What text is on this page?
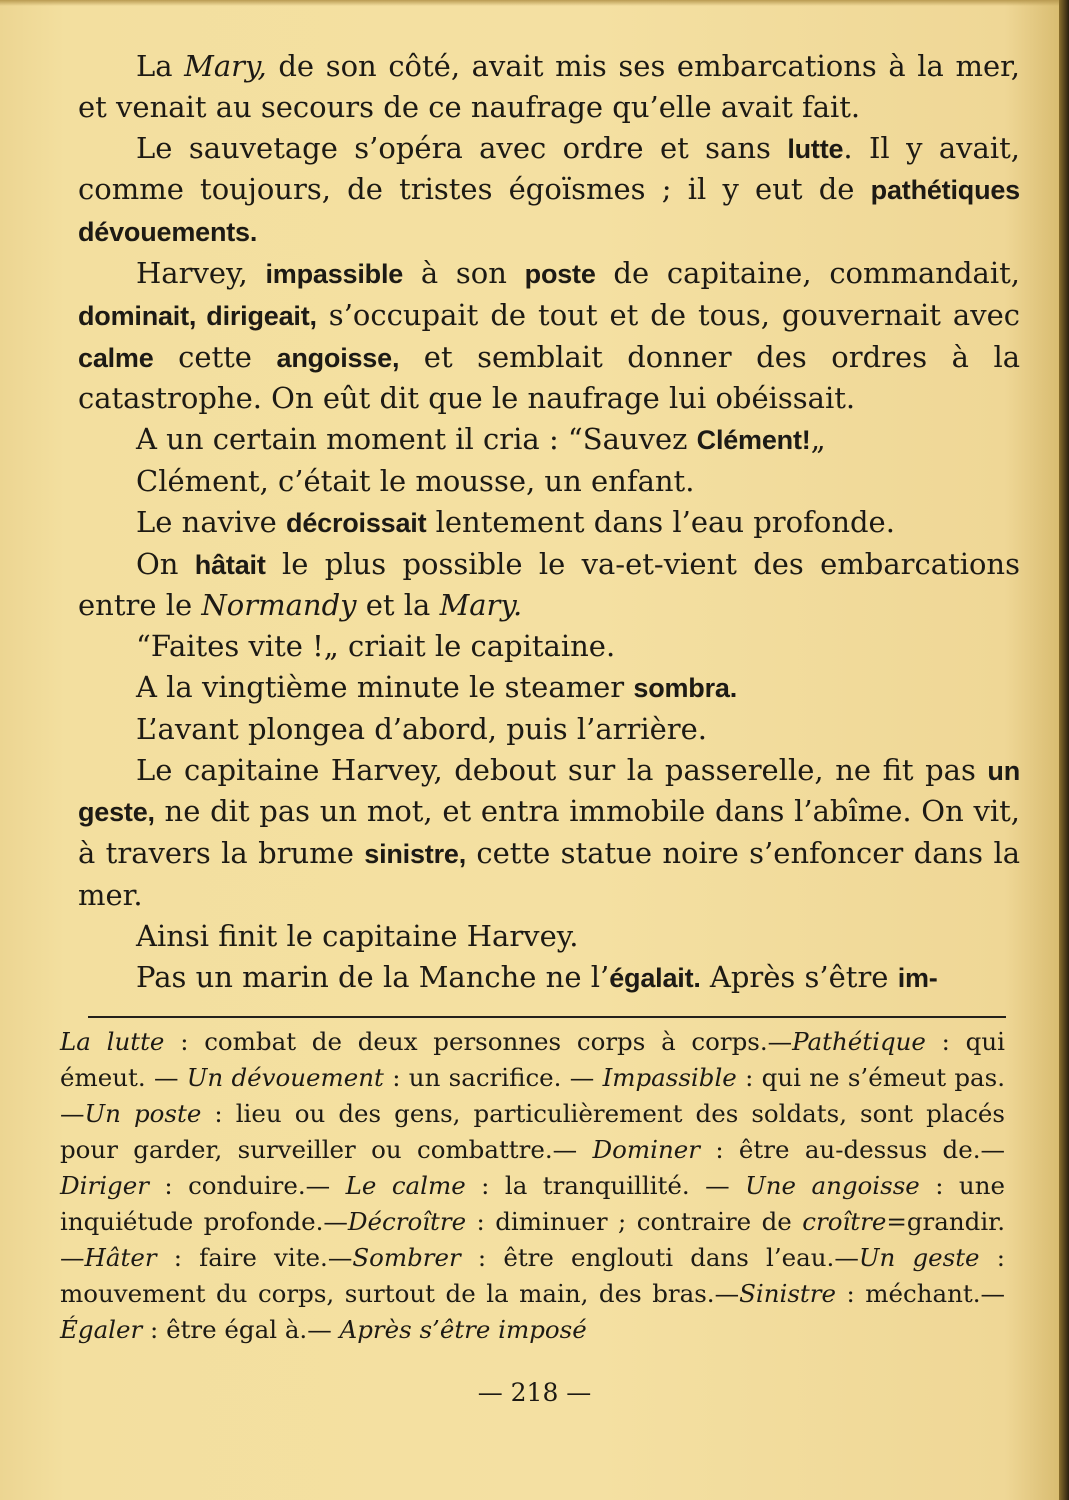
La Mary, de son côté, avait mis ses embarcations à la mer, et venait au secours de ce naufrage qu’elle avait fait.

Le sauvetage s’opéra avec ordre et sans lutte. Il y avait, comme toujours, de tristes égoïsmes ; il y eut de pathétiques dévouements.

Harvey, impassible à son poste de capitaine, commandait, dominait, dirigeait, s’occupait de tout et de tous, gouvernait avec calme cette angoisse, et semblait donner des ordres à la catastrophe. On eût dit que le naufrage lui obéissait.

A un certain moment il cria : “Sauvez Clément!„

Clément, c’était le mousse, un enfant.

Le navive décroissait lentement dans l’eau profonde.

On hâtait le plus possible le va-et-vient des embarcations entre le Normandy et la Mary.

“Faites vite !„ criait le capitaine.

A la vingtième minute le steamer sombra.

L’avant plongea d’abord, puis l’arrière.

Le capitaine Harvey, debout sur la passerelle, ne fit pas un geste, ne dit pas un mot, et entra immobile dans l’abîme. On vit, à travers la brume sinistre, cette statue noire s’enfoncer dans la mer.

Ainsi finit le capitaine Harvey.

Pas un marin de la Manche ne l’égalait. Après s’être im-

La lutte : combat de deux personnes corps à corps.—Pathétique : qui émeut. — Un dévouement : un sacrifice. — Impassible : qui ne s’émeut pas.—Un poste : lieu ou des gens, particulièrement des soldats, sont placés pour garder, surveiller ou combattre.— Dominer : être au-dessus de.—Diriger : conduire.— Le calme : la tranquillité. — Une angoisse : une inquiétude profonde.—Décroître : diminuer ; contraire de croître=grandir.—Hâter : faire vite.—Sombrer : être englouti dans l’eau.—Un geste : mouvement du corps, surtout de la main, des bras.—Sinistre : méchant.—Égaler : être égal à.— Après s’être imposé
— 218 —
